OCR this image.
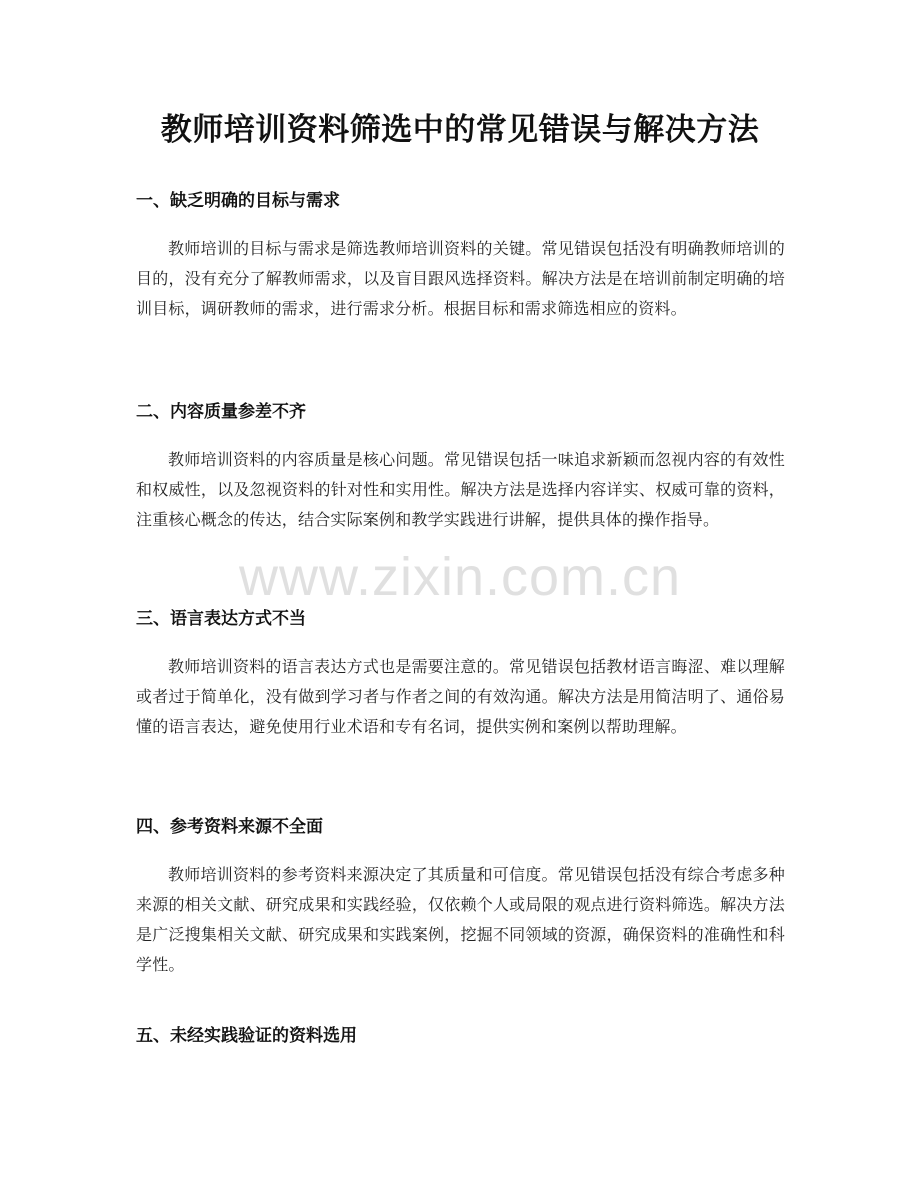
教师培训资料筛选中的常见错误与解决方法
一、缺乏明确的目标与需求

教师培训的目标与需求是筛选教师培训资料的关键。常见错误包括没有明确教师培训的目的，没有充分了解教师需求，以及盲目跟风选择资料。解决方法是在培训前制定明确的培训目标，调研教师的需求，进行需求分析。根据目标和需求筛选相应的资料。

二、内容质量参差不齐

教师培训资料的内容质量是核心问题。常见错误包括一味追求新颖而忽视内容的有效性和权威性，以及忽视资料的针对性和实用性。解决方法是选择内容详实、权威可靠的资料，注重核心概念的传达，结合实际案例和教学实践进行讲解，提供具体的操作指导。

三、语言表达方式不当

教师培训资料的语言表达方式也是需要注意的。常见错误包括教材语言晦涩、难以理解或者过于简单化，没有做到学习者与作者之间的有效沟通。解决方法是用简洁明了、通俗易懂的语言表达，避免使用行业术语和专有名词，提供实例和案例以帮助理解。

四、参考资料来源不全面

教师培训资料的参考资料来源决定了其质量和可信度。常见错误包括没有综合考虑多种来源的相关文献、研究成果和实践经验，仅依赖个人或局限的观点进行资料筛选。解决方法是广泛搜集相关文献、研究成果和实践案例，挖掘不同领域的资源，确保资料的准确性和科学性。

五、未经实践验证的资料选用
www.zixin.com.cn
